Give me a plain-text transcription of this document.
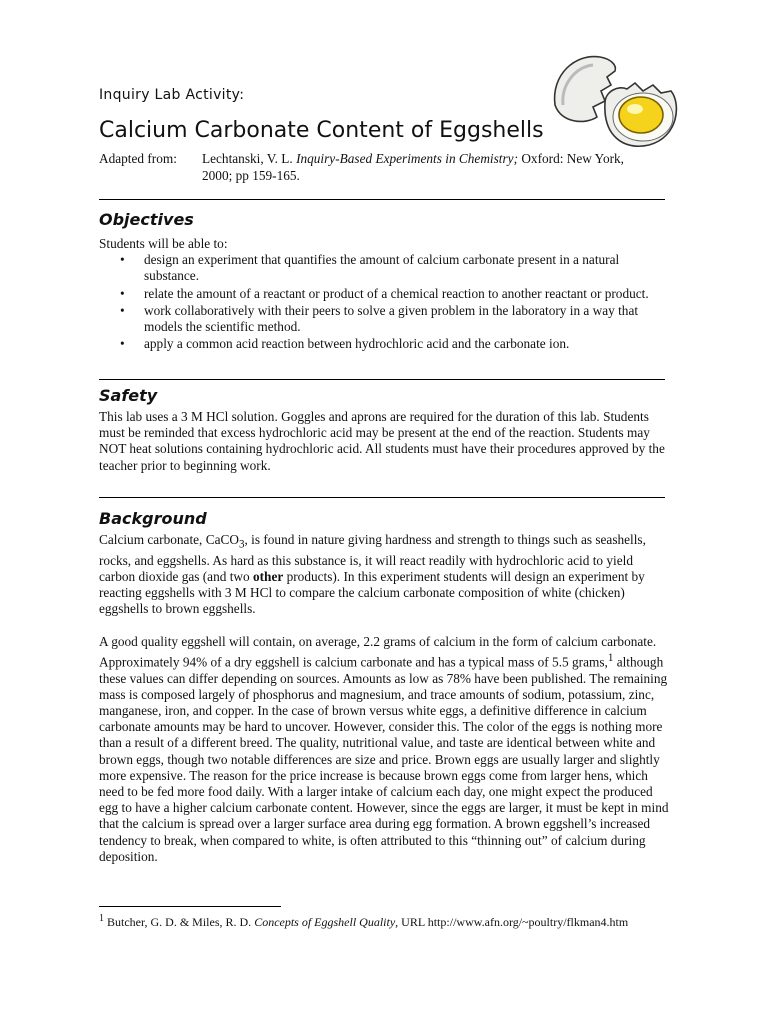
Inquiry Lab Activity:
Calcium Carbonate Content of Eggshells
Adapted from: Lechtanski, V. L. Inquiry-Based Experiments in Chemistry; Oxford: New York, 2000; pp 159-165.
Objectives

Students will be able to:

• design an experiment that quantifies the amount of calcium carbonate present in a natural substance.
• relate the amount of a reactant or product of a chemical reaction to another reactant or product.
• work collaboratively with their peers to solve a given problem in the laboratory in a way that models the scientific method.
• apply a common acid reaction between hydrochloric acid and the carbonate ion.
Safety

This lab uses a 3 M HCl solution. Goggles and aprons are required for the duration of this lab. Students must be reminded that excess hydrochloric acid may be present at the end of the reaction. Students may NOT heat solutions containing hydrochloric acid. All students must have their procedures approved by the teacher prior to beginning work.

Background

Calcium carbonate, CaCO$_3$, is found in nature giving hardness and strength to things such as seashells, rocks, and eggshells. As hard as this substance is, it will react readily with hydrochloric acid to yield carbon dioxide gas (and two other products). In this experiment students will design an experiment by reacting eggshells with 3 M HCl to compare the calcium carbonate composition of white (chicken) eggshells to brown eggshells.

A good quality eggshell will contain, on average, 2.2 grams of calcium in the form of calcium carbonate. Approximately 94% of a dry eggshell is calcium carbonate and has a typical mass of 5.5 grams,$^1$ although these values can differ depending on sources. Amounts as low as 78% have been published. The remaining mass is composed largely of phosphorus and magnesium, and trace amounts of sodium, potassium, zinc, manganese, iron, and copper. In the case of brown versus white eggs, a definitive difference in calcium carbonate amounts may be hard to uncover. However, consider this. The color of the eggs is nothing more than a result of a different breed. The quality, nutritional value, and taste are identical between white and brown eggs, though two notable differences are size and price. Brown eggs are usually larger and slightly more expensive. The reason for the price increase is because brown eggs come from larger hens, which need to be fed more food daily. With a larger intake of calcium each day, one might expect the produced egg to have a higher calcium carbonate content. However, since the eggs are larger, it must be kept in mind that the calcium is spread over a larger surface area during egg formation. A brown eggshell’s increased tendency to break, when compared to white, is often attributed to this “thinning out” of calcium during deposition.

$^1$ Butcher, G. D. & Miles, R. D. Concepts of Eggshell Quality, URL http://www.afn.org/~poultry/flkman4.htm
